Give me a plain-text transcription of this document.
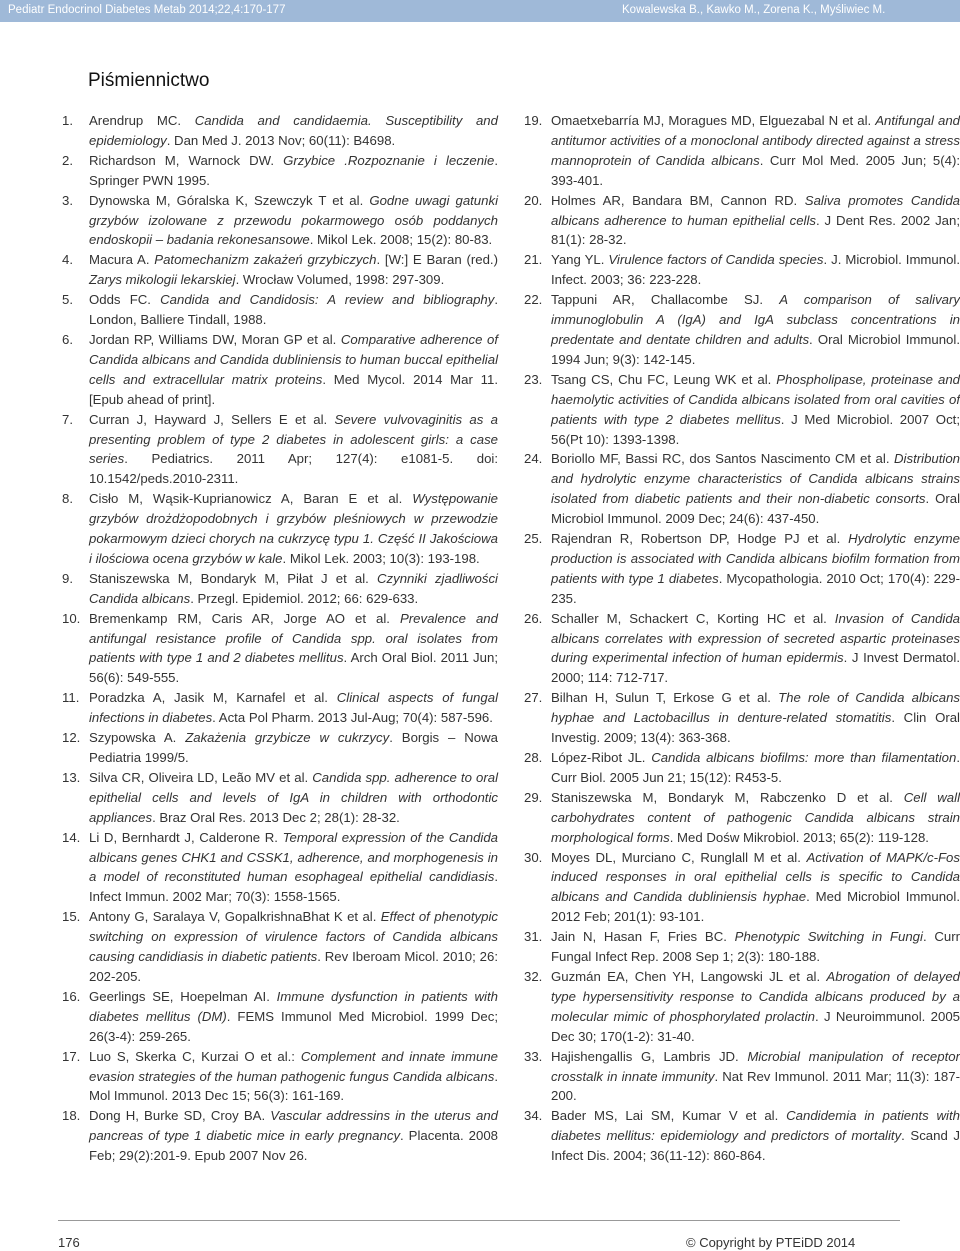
Pediatr Endocrinol Diabetes Metab 2014;22,4:170-177	Kowalewska B., Kawko M., Zorena K., Myśliwiec M.
Piśmiennictwo
1. Arendrup MC. Candida and candidaemia. Susceptibility and epidemiology. Dan Med J. 2013 Nov; 60(11): B4698.
2. Richardson M, Warnock DW. Grzybice .Rozpoznanie i leczenie. Springer PWN 1995.
3. Dynowska M, Góralska K, Szewczyk T et al. Godne uwagi gatunki grzybów izolowane z przewodu pokarmowego osób poddanych endoskopii – badania rekonesansowe. Mikol Lek. 2008; 15(2): 80-83.
4. Macura A. Patomechanizm zakażeń grzybiczych. [W:] E Baran (red.) Zarys mikologii lekarskiej. Wrocław Volumed, 1998: 297-309.
5. Odds FC. Candida and Candidosis: A review and bibliography. London, Balliere Tindall, 1988.
6. Jordan RP, Williams DW, Moran GP et al. Comparative adherence of Candida albicans and Candida dubliniensis to human buccal epithelial cells and extracellular matrix proteins. Med Mycol. 2014 Mar 11. [Epub ahead of print].
7. Curran J, Hayward J, Sellers E et al. Severe vulvovaginitis as a presenting problem of type 2 diabetes in adolescent girls: a case series. Pediatrics. 2011 Apr; 127(4): e1081-5. doi: 10.1542/peds.2010-2311.
8. Cisło M, Wąsik-Kuprianowicz A, Baran E et al. Występowanie grzybów drożdżopodobnych i grzybów pleśniowych w przewodzie pokarmowym dzieci chorych na cukrzycę typu 1. Część II Jakościowa i ilościowa ocena grzybów w kale. Mikol Lek. 2003; 10(3): 193-198.
9. Staniszewska M, Bondaryk M, Piłat J et al. Czynniki zjadliwości Candida albicans. Przegl. Epidemiol. 2012; 66: 629-633.
10. Bremenkamp RM, Caris AR, Jorge AO et al. Prevalence and antifungal resistance profile of Candida spp. oral isolates from patients with type 1 and 2 diabetes mellitus. Arch Oral Biol. 2011 Jun; 56(6): 549-555.
11. Poradzka A, Jasik M, Karnafel et al. Clinical aspects of fungal infections in diabetes. Acta Pol Pharm. 2013 Jul-Aug; 70(4): 587-596.
12. Szypowska A. Zakażenia grzybicze w cukrzycy. Borgis – Nowa Pediatria 1999/5.
13. Silva CR, Oliveira LD, Leão MV et al. Candida spp. adherence to oral epithelial cells and levels of IgA in children with orthodontic appliances. Braz Oral Res. 2013 Dec 2; 28(1): 28-32.
14. Li D, Bernhardt J, Calderone R. Temporal expression of the Candida albicans genes CHK1 and CSSK1, adherence, and morphogenesis in a model of reconstituted human esophageal epithelial candidiasis. Infect Immun. 2002 Mar; 70(3): 1558-1565.
15. Antony G, Saralaya V, GopalkrishnaBhat K et al. Effect of phenotypic switching on expression of virulence factors of Candida albicans causing candidiasis in diabetic patients. Rev Iberoam Micol. 2010; 26: 202-205.
16. Geerlings SE, Hoepelman AI. Immune dysfunction in patients with diabetes mellitus (DM). FEMS Immunol Med Microbiol. 1999 Dec; 26(3-4): 259-265.
17. Luo S, Skerka C, Kurzai O et al.: Complement and innate immune evasion strategies of the human pathogenic fungus Candida albicans. Mol Immunol. 2013 Dec 15; 56(3): 161-169.
18. Dong H, Burke SD, Croy BA. Vascular addressins in the uterus and pancreas of type 1 diabetic mice in early pregnancy. Placenta. 2008 Feb; 29(2):201-9. Epub 2007 Nov 26.
19. Omaetxebarría MJ, Moragues MD, Elguezabal N et al. Antifungal and antitumor activities of a monoclonal antibody directed against a stress mannoprotein of Candida albicans. Curr Mol Med. 2005 Jun; 5(4): 393-401.
20. Holmes AR, Bandara BM, Cannon RD. Saliva promotes Candida albicans adherence to human epithelial cells. J Dent Res. 2002 Jan; 81(1): 28-32.
21. Yang YL. Virulence factors of Candida species. J. Microbiol. Immunol. Infect. 2003; 36: 223-228.
22. Tappuni AR, Challacombe SJ. A comparison of salivary immunoglobulin A (IgA) and IgA subclass concentrations in predentate and dentate children and adults. Oral Microbiol Immunol. 1994 Jun; 9(3): 142-145.
23. Tsang CS, Chu FC, Leung WK et al. Phospholipase, proteinase and haemolytic activities of Candida albicans isolated from oral cavities of patients with type 2 diabetes mellitus. J Med Microbiol. 2007 Oct; 56(Pt 10): 1393-1398.
24. Boriollo MF, Bassi RC, dos Santos Nascimento CM et al. Distribution and hydrolytic enzyme characteristics of Candida albicans strains isolated from diabetic patients and their non-diabetic consorts. Oral Microbiol Immunol. 2009 Dec; 24(6): 437-450.
25. Rajendran R, Robertson DP, Hodge PJ et al. Hydrolytic enzyme production is associated with Candida albicans biofilm formation from patients with type 1 diabetes. Mycopathologia. 2010 Oct; 170(4): 229-235.
26. Schaller M, Schackert C, Korting HC et al. Invasion of Candida albicans correlates with expression of secreted aspartic proteinases during experimental infection of human epidermis. J Invest Dermatol. 2000; 114: 712-717.
27. Bilhan H, Sulun T, Erkose G et al. The role of Candida albicans hyphae and Lactobacillus in denture-related stomatitis. Clin Oral Investig. 2009; 13(4): 363-368.
28. López-Ribot JL. Candida albicans biofilms: more than filamentation. Curr Biol. 2005 Jun 21; 15(12): R453-5.
29. Staniszewska M, Bondaryk M, Rabczenko D et al. Cell wall carbohydrates content of pathogenic Candida albicans strain morphological forms. Med Dośw Mikrobiol. 2013; 65(2): 119-128.
30. Moyes DL, Murciano C, Runglall M et al. Activation of MAPK/c-Fos induced responses in oral epithelial cells is specific to Candida albicans and Candida dubliniensis hyphae. Med Microbiol Immunol. 2012 Feb; 201(1): 93-101.
31. Jain N, Hasan F, Fries BC. Phenotypic Switching in Fungi. Curr Fungal Infect Rep. 2008 Sep 1; 2(3): 180-188.
32. Guzmán EA, Chen YH, Langowski JL et al. Abrogation of delayed type hypersensitivity response to Candida albicans produced by a molecular mimic of phosphorylated prolactin. J Neuroimmunol. 2005 Dec 30; 170(1-2): 31-40.
33. Hajishengallis G, Lambris JD. Microbial manipulation of receptor crosstalk in innate immunity. Nat Rev Immunol. 2011 Mar; 11(3): 187-200.
34. Bader MS, Lai SM, Kumar V et al. Candidemia in patients with diabetes mellitus: epidemiology and predictors of mortality. Scand J Infect Dis. 2004; 36(11-12): 860-864.
176	© Copyright by PTEiDD 2014
